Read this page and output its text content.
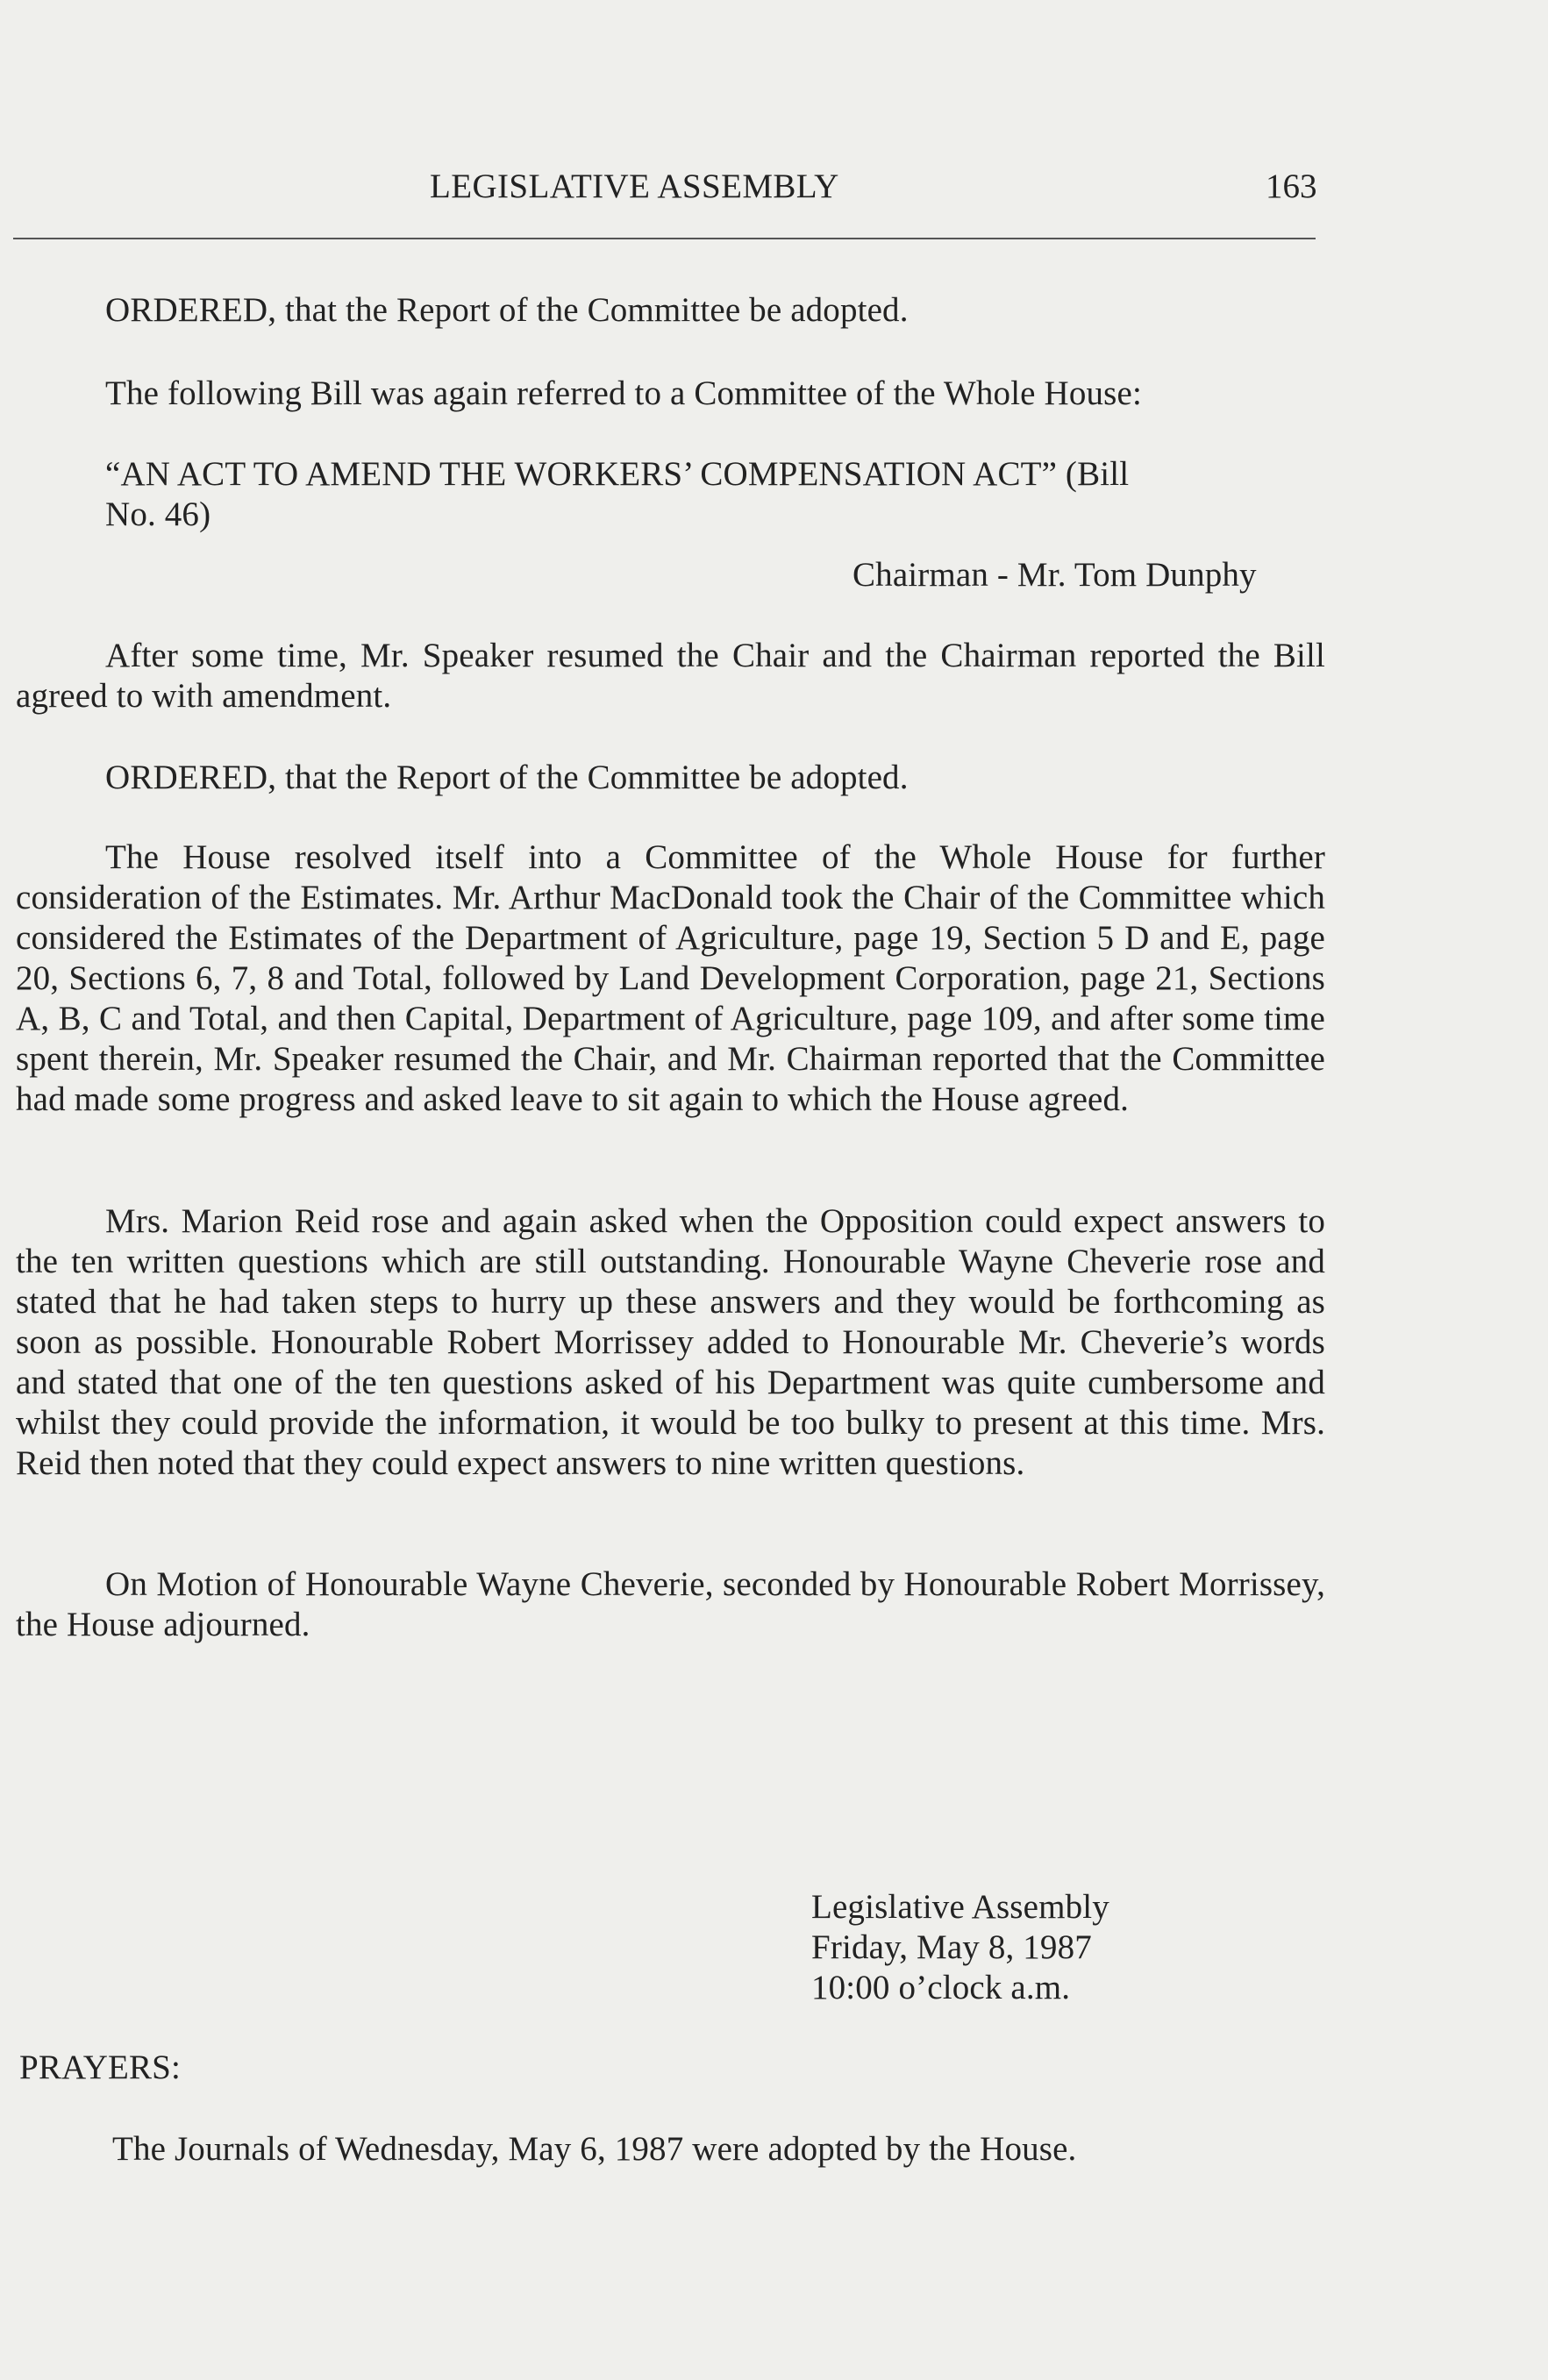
LEGISLATIVE ASSEMBLY	163

ORDERED, that the Report of the Committee be adopted.

The following Bill was again referred to a Committee of the Whole House:

“AN ACT TO AMEND THE WORKERS’ COMPENSATION ACT” (Bill

No. 46)

Chairman - Mr. Tom Dunphy

After some time, Mr. Speaker resumed the Chair and the Chairman reported the Bill agreed to with amendment.

ORDERED, that the Report of the Committee be adopted.

The House resolved itself into a Committee of the Whole House for further consideration of the Estimates. Mr. Arthur MacDonald took the Chair of the Committee which considered the Estimates of the Department of Agriculture, page 19, Section 5 D and E, page 20, Sections 6, 7, 8 and Total, followed by Land Development Corporation, page 21, Sections A, B, C and Total, and then Capital, Department of Agriculture, page 109, and after some time spent therein, Mr. Speaker resumed the Chair, and Mr. Chairman reported that the Committee had made some progress and asked leave to sit again to which the House agreed.

Mrs. Marion Reid rose and again asked when the Opposition could expect answers to the ten written questions which are still outstanding. Honourable Wayne Cheverie rose and stated that he had taken steps to hurry up these answers and they would be forthcoming as soon as possible. Honourable Robert Morrissey added to Honourable Mr. Cheverie’s words and stated that one of the ten questions asked of his Department was quite cumbersome and whilst they could provide the information, it would be too bulky to present at this time. Mrs. Reid then noted that they could expect answers to nine written questions.

On Motion of Honourable Wayne Cheverie, seconded by Honourable Robert Morrissey, the House adjourned.

Legislative Assembly
Friday, May 8, 1987
10:00 o’clock a.m.
PRAYERS:

The Journals of Wednesday, May 6, 1987 were adopted by the House.
